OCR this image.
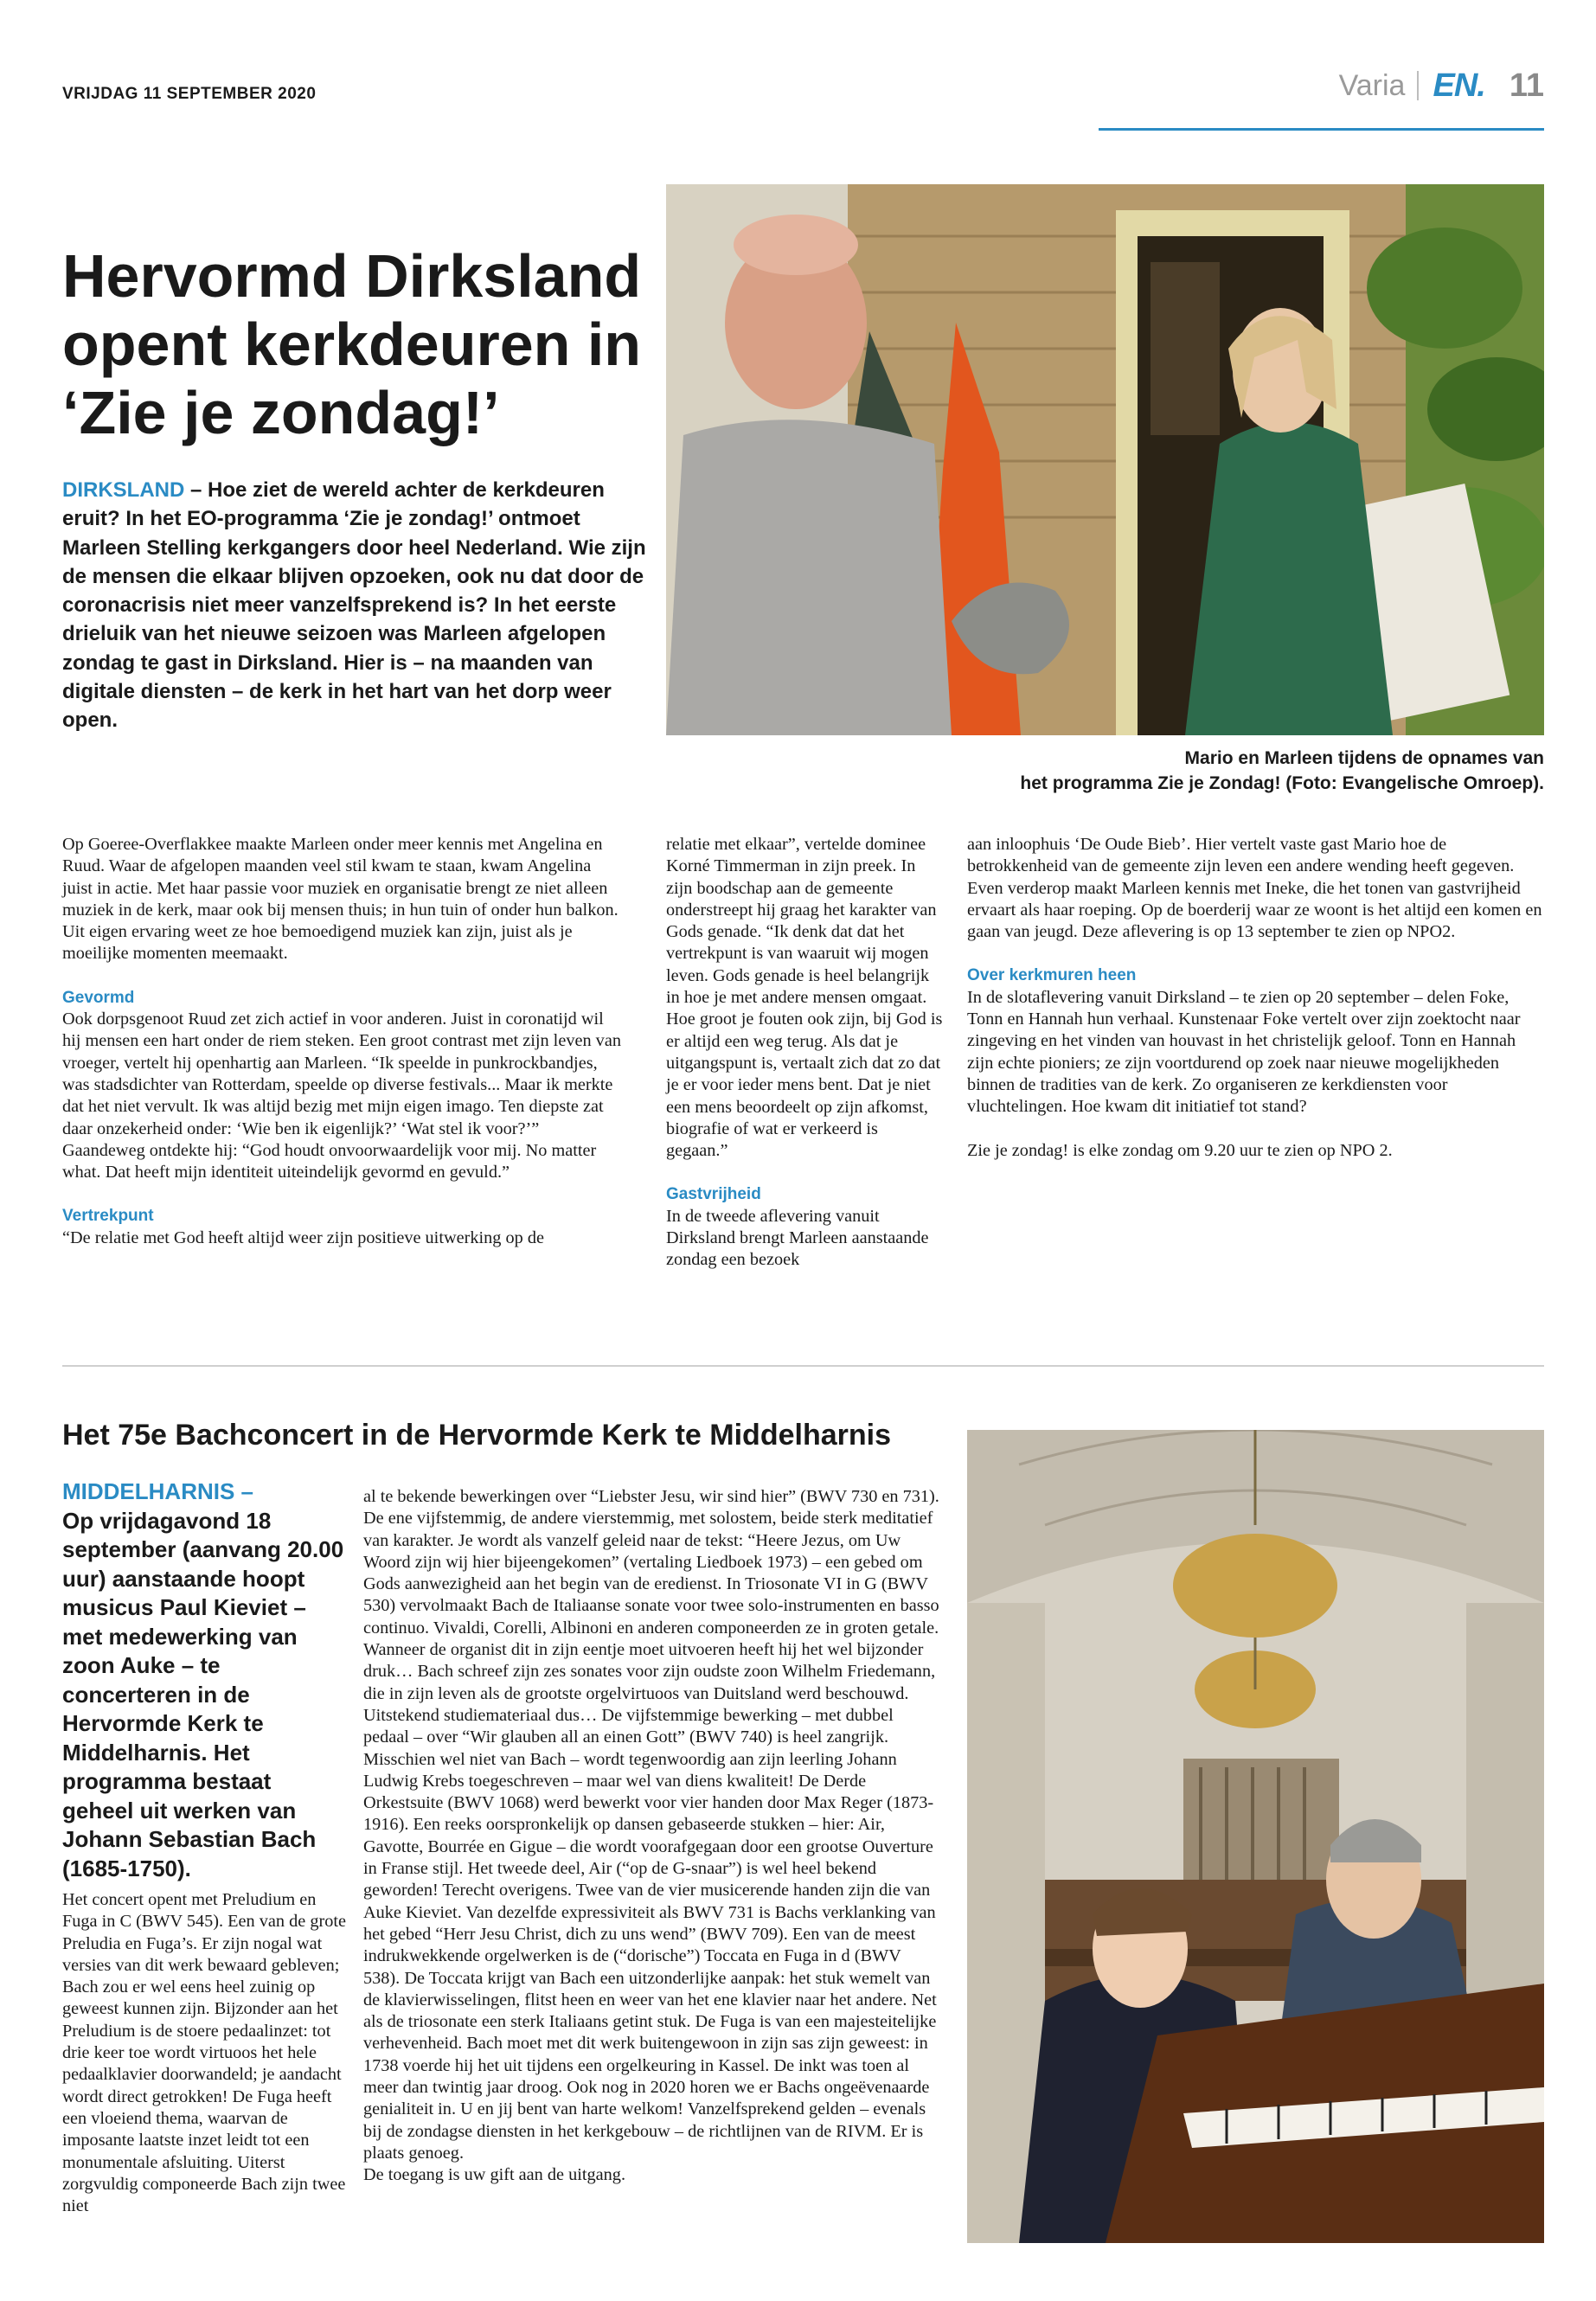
VRIJDAG 11 SEPTEMBER 2020	Varia EN. 11
Hervormd Dirksland opent kerkdeuren in ‘Zie je zondag!’
DIRKSLAND – Hoe ziet de wereld achter de kerkdeuren eruit? In het EO-programma ‘Zie je zondag!’ ontmoet Marleen Stelling kerkgangers door heel Nederland. Wie zijn de mensen die elkaar blijven opzoeken, ook nu dat door de coronacrisis niet meer vanzelfsprekend is? In het eerste drieluik van het nieuwe seizoen was Marleen afgelopen zondag te gast in Dirksland. Hier is – na maanden van digitale diensten – de kerk in het hart van het dorp weer open.
Mario en Marleen tijdens de opnames van
het programma Zie je Zondag! (Foto: Evangelische Omroep).

Op Goeree-Overflakkee maakte Marleen onder meer kennis met Angelina en Ruud. Waar de afgelopen maanden veel stil kwam te staan, kwam Angelina juist in actie. Met haar passie voor muziek en organisatie brengt ze niet alleen muziek in de kerk, maar ook bij mensen thuis; in hun tuin of onder hun balkon. Uit eigen ervaring weet ze hoe bemoedigend muziek kan zijn, juist als je moeilijke momenten meemaakt.

Gevormd

Ook dorpsgenoot Ruud zet zich actief in voor anderen. Juist in coronatijd wil hij mensen een hart onder de riem steken. Een groot contrast met zijn leven van vroeger, vertelt hij openhartig aan Marleen. “Ik speelde in punkrockbandjes, was stadsdichter van Rotterdam, speelde op diverse festivals... Maar ik merkte dat het niet vervult. Ik was altijd bezig met mijn eigen imago. Ten diepste zat daar onzekerheid onder: ‘Wie ben ik eigenlijk?’ ‘Wat stel ik voor?’” Gaandeweg ontdekte hij: “God houdt onvoorwaardelijk voor mij. No matter what. Dat heeft mijn identiteit uiteindelijk gevormd en gevuld.”

Vertrekpunt

“De relatie met God heeft altijd weer zijn positieve uitwerking op de

relatie met elkaar”, vertelde dominee Korné Timmerman in zijn preek. In zijn boodschap aan de gemeente onderstreept hij graag het karakter van Gods genade. “Ik denk dat dat het vertrekpunt is van waaruit wij mogen leven. Gods genade is heel belangrijk in hoe je met andere mensen omgaat. Hoe groot je fouten ook zijn, bij God is er altijd een weg terug. Als dat je uitgangspunt is, vertaalt zich dat zo dat je er voor ieder mens bent. Dat je niet een mens beoordeelt op zijn afkomst, biografie of wat er verkeerd is gegaan.”

Gastvrijheid

In de tweede aflevering vanuit Dirksland brengt Marleen aanstaande zondag een bezoek

aan inloophuis ‘De Oude Bieb’. Hier vertelt vaste gast Mario hoe de betrokkenheid van de gemeente zijn leven een andere wending heeft gegeven. Even verderop maakt Marleen kennis met Ineke, die het tonen van gastvrijheid ervaart als haar roeping. Op de boerderij waar ze woont is het altijd een komen en gaan van jeugd. Deze aflevering is op 13 september te zien op NPO2.

Over kerkmuren heen

In de slotaflevering vanuit Dirksland – te zien op 20 september – delen Foke, Tonn en Hannah hun verhaal. Kunstenaar Foke vertelt over zijn zoektocht naar zingeving en het vinden van houvast in het christelijk geloof. Tonn en Hannah zijn echte pioniers; ze zijn voortdurend op zoek naar nieuwe mogelijkheden binnen de tradities van de kerk. Zo organiseren ze kerkdiensten voor vluchtelingen. Hoe kwam dit initiatief tot stand?

Zie je zondag! is elke zondag om 9.20 uur te zien op NPO 2.

Het 75e Bachconcert in de Hervormde Kerk te Middelharnis
MIDDELHARNIS –
Op vrijdagavond 18 september (aanvang 20.00 uur) aanstaande hoopt musicus Paul Kieviet – met medewerking van zoon Auke – te concerteren in de Hervormde Kerk te Middelharnis. Het programma bestaat geheel uit werken van Johann Sebastian Bach (1685-1750).

Het concert opent met Preludium en Fuga in C (BWV 545). Een van de grote Preludia en Fuga’s. Er zijn nogal wat versies van dit werk bewaard gebleven; Bach zou er wel eens heel zuinig op geweest kunnen zijn. Bijzonder aan het Preludium is de stoere pedaalinzet: tot drie keer toe wordt virtuoos het hele pedaalklavier doorwandeld; je aandacht wordt direct getrokken! De Fuga heeft een vloeiend thema, waarvan de imposante laatste inzet leidt tot een monumentale afsluiting. Uiterst zorgvuldig componeerde Bach zijn twee niet

al te bekende bewerkingen over “Liebster Jesu, wir sind hier” (BWV 730 en 731). De ene vijfstemmig, de andere vierstemmig, met solostem, beide sterk meditatief van karakter. Je wordt als vanzelf geleid naar de tekst: “Heere Jezus, om Uw Woord zijn wij hier bijeengekomen” (vertaling Liedboek 1973) – een gebed om Gods aanwezigheid aan het begin van de eredienst. In Triosonate VI in G (BWV 530) vervolmaakt Bach de Italiaanse sonate voor twee solo-instrumenten en basso continuo. Vivaldi, Corelli, Albinoni en anderen componeerden ze in groten getale. Wanneer de organist dit in zijn eentje moet uitvoeren heeft hij het wel bijzonder druk… Bach schreef zijn zes sonates voor zijn oudste zoon Wilhelm Friedemann, die in zijn leven als de grootste orgelvirtuoos van Duitsland werd beschouwd. Uitstekend studiemateriaal dus… De vijfstemmige bewerking – met dubbel pedaal – over “Wir glauben all an einen Gott” (BWV 740) is heel zangrijk. Misschien wel niet van Bach – wordt tegenwoordig aan zijn leerling Johann Ludwig Krebs toegeschreven – maar wel van diens kwaliteit! De Derde Orkestsuite (BWV 1068) werd bewerkt voor vier handen door Max Reger (1873-1916). Een reeks oorspronkelijk op dansen gebaseerde stukken – hier: Air, Gavotte, Bourrée en Gigue – die wordt voorafgegaan door een grootse Ouverture in Franse stijl. Het tweede deel, Air (“op de G-snaar”) is wel heel bekend geworden! Terecht overigens. Twee van de vier musicerende handen zijn die van Auke Kieviet. Van dezelfde expressiviteit als BWV 731 is Bachs verklanking van het gebed “Herr Jesu Christ, dich zu uns wend” (BWV 709). Een van de meest indrukwekkende orgelwerken is de (“dorische”) Toccata en Fuga in d (BWV 538). De Toccata krijgt van Bach een uitzonderlijke aanpak: het stuk wemelt van de klavierwisselingen, flitst heen en weer van het ene klavier naar het andere. Net als de triosonate een sterk Italiaans getint stuk. De Fuga is van een majesteitelijke verhevenheid. Bach moet met dit werk buitengewoon in zijn sas zijn geweest: in 1738 voerde hij het uit tijdens een orgelkeuring in Kassel. De inkt was toen al meer dan twintig jaar droog. Ook nog in 2020 horen we er Bachs ongeëvenaarde genialiteit in. U en jij bent van harte welkom! Vanzelfsprekend gelden – evenals bij de zondagse diensten in het kerkgebouw – de richtlijnen van de RIVM. Er is plaats genoeg.

De toegang is uw gift aan de uitgang.
